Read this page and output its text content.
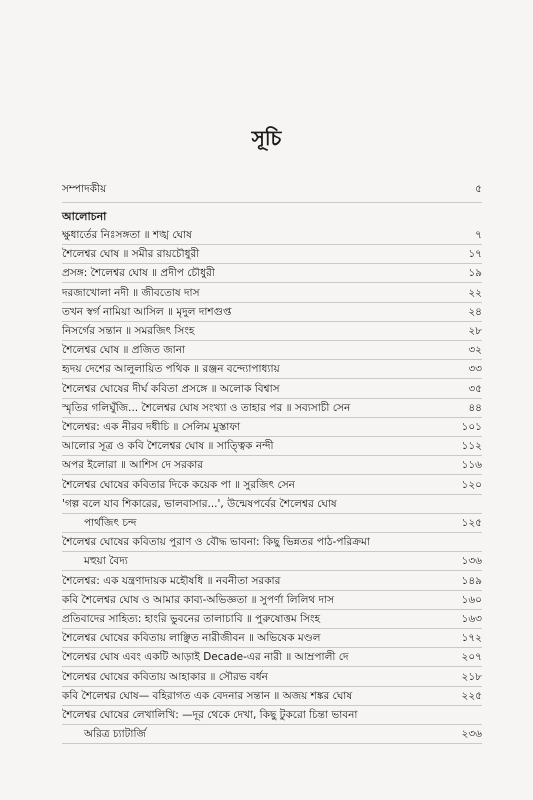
সূচি
সম্পাদকীয়	৫
আলোচনা
ক্ষুধার্তের নিঃসঙ্গতা ॥ শঙ্খ ঘোষ	৭
শৈলেশ্বর ঘোষ ॥ সমীর রায়চৌধুরী	১৭
প্রসঙ্গ: শৈলেশ্বর ঘোষ ॥ প্রদীপ চৌধুরী	১৯
দরজাখোলা নদী ॥ জীবতোষ দাস	২২
তখন স্বর্গ নামিয়া আসিল ॥ মৃদুল দাশগুপ্ত	২৪
নিসর্গের সন্তান ॥ সমরজিৎ সিংহ	২৮
শৈলেশ্বর ঘোষ ॥ প্রজিত জানা	৩২
হৃদয় দেশের আলুলায়িত পথিক ॥ রঞ্জন বন্দ্যোপাধ্যায়	৩৩
শৈলেশ্বর ঘোষের দীর্ঘ কবিতা প্রসঙ্গে ॥ অলোক বিশ্বাস	৩৫
স্মৃতির গলিঘুঁজি... শৈলেশ্বর ঘোষ সংখ্যা ও তাহার পর ॥ সব্যসাচী সেন	৪৪
শৈলেশ্বর: এক নীরব দধীচি ॥ সেলিম মুস্তাফা	১০১
আলোর সূত্র ও কবি শৈলেশ্বর ঘোষ ॥ সাত্ত্বিক নন্দী	১১২
অপর ইলোরা ॥ আশিস দে সরকার	১১৬
শৈলেশ্বর ঘোষের কবিতার দিকে কয়েক পা ॥ সুরজিৎ সেন	১২০
'গল্প বলে যাব শিকারের, ভালবাসার...', উন্মেষপর্বের শৈলেশ্বর ঘোষ
পার্থজিৎ চন্দ	১২৫
শৈলেশ্বর ঘোষের কবিতায় পুরাণ ও বৌদ্ধ ভাবনা: কিছু ভিন্নতর পাঠ-পরিক্রমা
মহুয়া বৈদ্য	১৩৬
শৈলেশ্বর: এক যন্ত্রণাদায়ক মহৌষধি ॥ নবনীতা সরকার	১৪৯
কবি শৈলেশ্বর ঘোষ ও আমার কাব্য-অভিজ্ঞতা ॥ সুপর্ণা লিলিথ দাস	১৬০
প্রতিবাদের সাহিত্য: হাংরি ভুবনের তালাচাবি ॥ পুরুষোত্তম সিংহ	১৬৩
শৈলেশ্বর ঘোষের কবিতায় লাঞ্ছিত নারীজীবন ॥ অভিষেক মণ্ডল	১৭২
শৈলেশ্বর ঘোষ এবং একটি আড়াই Decade-এর নারী ॥ আম্রপালী দে	২০৭
শৈলেশ্বর ঘোষের কবিতায় আহাকার ॥ সৌরভ বর্ধন	২১৮
কবি শৈলেশ্বর ঘোষ— বহিরাগত এক বেদনার সন্তান ॥ অজয় শঙ্কর ঘোষ	২২৫
শৈলেশ্বর ঘোষের লেখালিখি: —দূর থেকে দেখা, কিছু টুকরো চিন্তা ভাবনা
অরিত্র চ্যাটার্জি	২৩৬
